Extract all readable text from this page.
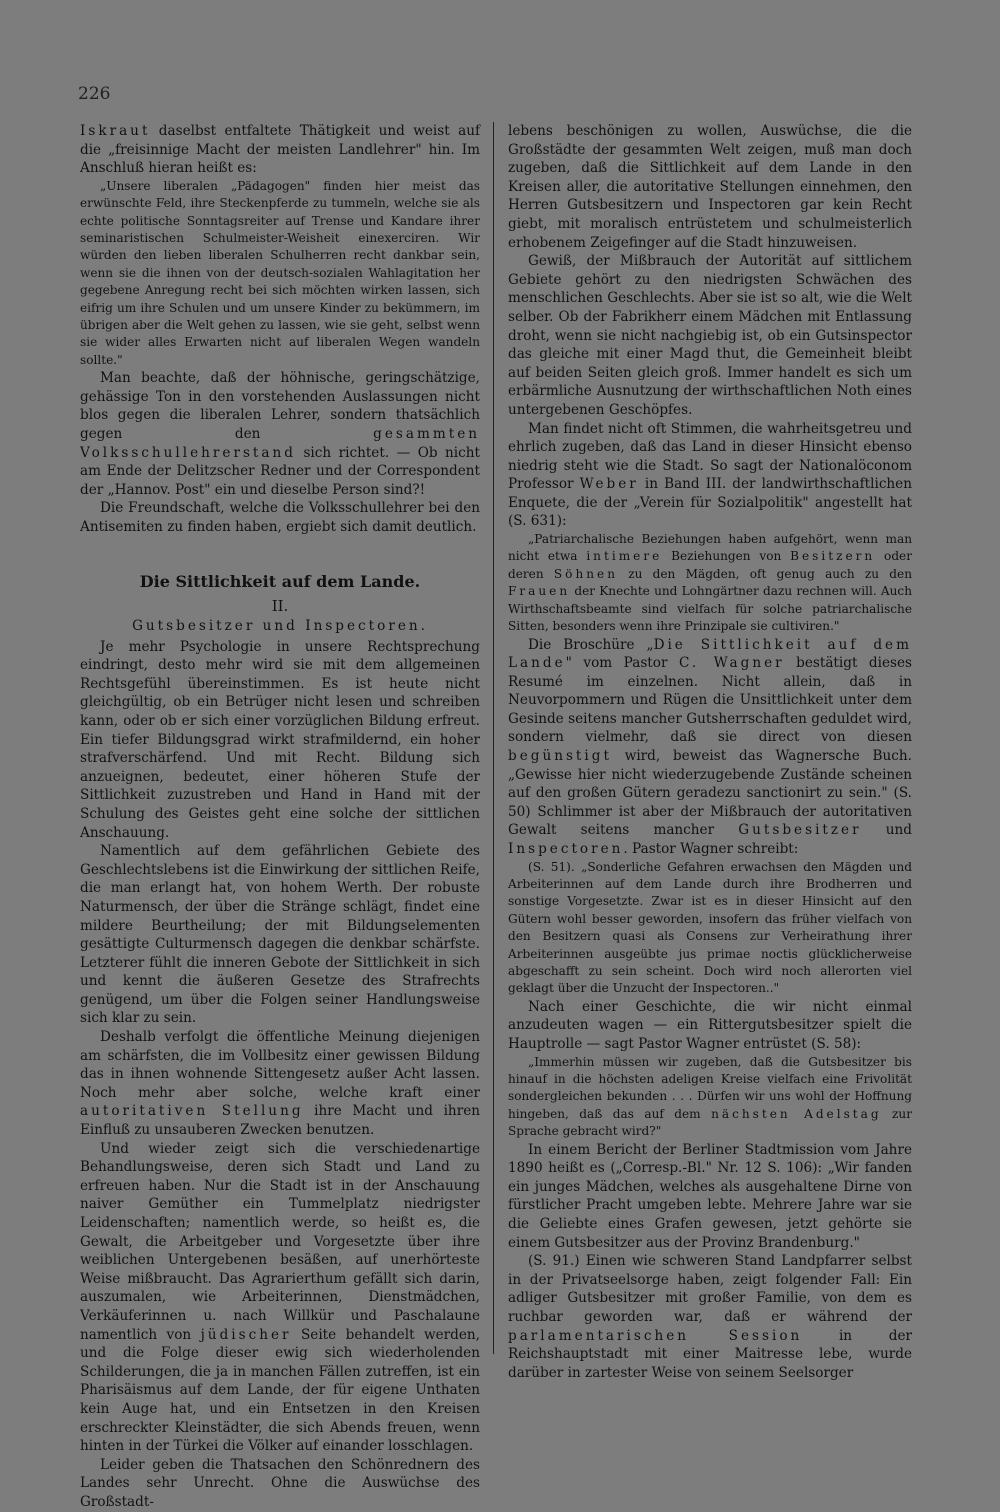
226

Iskraut daselbst entfaltete Thätigkeit und weist auf die „freisinnige Macht der meisten Landlehrer" hin. Im Anschluß hieran heißt es:

„Unsere liberalen „Pädagogen" finden hier meist das erwünschte Feld, ihre Steckenpferde zu tummeln, welche sie als echte politische Sonntagsreiter auf Trense und Kandare ihrer seminaristischen Schulmeister-Weisheit einexerciren. Wir würden den lieben liberalen Schulherren recht dankbar sein, wenn sie die ihnen von der deutsch-sozialen Wahlagitation her gegebene Anregung recht bei sich möchten wirken lassen, sich eifrig um ihre Schulen und um unsere Kinder zu bekümmern, im übrigen aber die Welt gehen zu lassen, wie sie geht, selbst wenn sie wider alles Erwarten nicht auf liberalen Wegen wandeln sollte."

Man beachte, daß der höhnische, geringschätzige, gehässige Ton in den vorstehenden Auslassungen nicht blos gegen die liberalen Lehrer, sondern thatsächlich gegen den gesammten Volksschullehrerstand sich richtet. — Ob nicht am Ende der Delitzscher Redner und der Correspondent der „Hannov. Post" ein und dieselbe Person sind?!

Die Freundschaft, welche die Volksschullehrer bei den Antisemiten zu finden haben, ergiebt sich damit deutlich.

Die Sittlichkeit auf dem Lande.
II.
Gutsbesitzer und Inspectoren.

Je mehr Psychologie in unsere Rechtsprechung eindringt, desto mehr wird sie mit dem allgemeinen Rechtsgefühl übereinstimmen. Es ist heute nicht gleichgültig, ob ein Betrüger nicht lesen und schreiben kann, oder ob er sich einer vorzüglichen Bildung erfreut. Ein tiefer Bildungsgrad wirkt strafmildernd, ein hoher strafverschärfend. Und mit Recht. Bildung sich anzueignen, bedeutet, einer höheren Stufe der Sittlichkeit zuzustreben und Hand in Hand mit der Schulung des Geistes geht eine solche der sittlichen Anschauung.

Namentlich auf dem gefährlichen Gebiete des Geschlechtslebens ist die Einwirkung der sittlichen Reife, die man erlangt hat, von hohem Werth. Der robuste Naturmensch, der über die Stränge schlägt, findet eine mildere Beurtheilung; der mit Bildungselementen gesättigte Culturmensch dagegen die denkbar schärfste. Letzterer fühlt die inneren Gebote der Sittlichkeit in sich und kennt die äußeren Gesetze des Strafrechts genügend, um über die Folgen seiner Handlungsweise sich klar zu sein.

Deshalb verfolgt die öffentliche Meinung diejenigen am schärfsten, die im Vollbesitz einer gewissen Bildung das in ihnen wohnende Sittengesetz außer Acht lassen. Noch mehr aber solche, welche kraft einer autoritativen Stellung ihre Macht und ihren Einfluß zu unsauberen Zwecken benutzen.

Und wieder zeigt sich die verschiedenartige Behandlungsweise, deren sich Stadt und Land zu erfreuen haben. Nur die Stadt ist in der Anschauung naiver Gemüther ein Tummelplatz niedrigster Leidenschaften; namentlich werde, so heißt es, die Gewalt, die Arbeitgeber und Vorgesetzte über ihre weiblichen Untergebenen besäßen, auf unerhörteste Weise mißbraucht. Das Agrarierthum gefällt sich darin, auszumalen, wie Arbeiterinnen, Dienstmädchen, Verkäuferinnen u. nach Willkür und Paschalaune namentlich von jüdischer Seite behandelt werden, und die Folge dieser ewig sich wiederholenden Schilderungen, die ja in manchen Fällen zutreffen, ist ein Pharisäismus auf dem Lande, der für eigene Unthaten kein Auge hat, und ein Entsetzen in den Kreisen erschreckter Kleinstädter, die sich Abends freuen, wenn hinten in der Türkei die Völker auf einander losschlagen.

Leider geben die Thatsachen den Schönrednern des Landes sehr Unrecht. Ohne die Auswüchse des Großstadt-

lebens beschönigen zu wollen, Auswüchse, die die Großstädte der gesammten Welt zeigen, muß man doch zugeben, daß die Sittlichkeit auf dem Lande in den Kreisen aller, die autoritative Stellungen einnehmen, den Herren Gutsbesitzern und Inspectoren gar kein Recht giebt, mit moralisch entrüstetem und schulmeisterlich erhobenem Zeigefinger auf die Stadt hinzuweisen.

Gewiß, der Mißbrauch der Autorität auf sittlichem Gebiete gehört zu den niedrigsten Schwächen des menschlichen Geschlechts. Aber sie ist so alt, wie die Welt selber. Ob der Fabrikherr einem Mädchen mit Entlassung droht, wenn sie nicht nachgiebig ist, ob ein Gutsinspector das gleiche mit einer Magd thut, die Gemeinheit bleibt auf beiden Seiten gleich groß. Immer handelt es sich um erbärmliche Ausnutzung der wirthschaftlichen Noth eines untergebenen Geschöpfes.

Man findet nicht oft Stimmen, die wahrheitsgetreu und ehrlich zugeben, daß das Land in dieser Hinsicht ebenso niedrig steht wie die Stadt. So sagt der Nationalöconom Professor Weber in Band III. der landwirthschaftlichen Enquete, die der „Verein für Sozialpolitik" angestellt hat (S. 631):

„Patriarchalische Beziehungen haben aufgehört, wenn man nicht etwa intimere Beziehungen von Besitzern oder deren Söhnen zu den Mägden, oft genug auch zu den Frauen der Knechte und Lohngärtner dazu rechnen will. Auch Wirthschaftsbeamte sind vielfach für solche patriarchalische Sitten, besonders wenn ihre Prinzipale sie cultiviren."

Die Broschüre „Die Sittlichkeit auf dem Lande" vom Pastor C. Wagner bestätigt dieses Resumé im einzelnen. Nicht allein, daß in Neuvorpommern und Rügen die Unsittlichkeit unter dem Gesinde seitens mancher Gutsherrschaften geduldet wird, sondern vielmehr, daß sie direct von diesen begünstigt wird, beweist das Wagnersche Buch. „Gewisse hier nicht wiederzugebende Zustände scheinen auf den großen Gütern geradezu sanctionirt zu sein." (S. 50) Schlimmer ist aber der Mißbrauch der autoritativen Gewalt seitens mancher Gutsbesitzer und Inspectoren. Pastor Wagner schreibt:

(S. 51). „Sonderliche Gefahren erwachsen den Mägden und Arbeiterinnen auf dem Lande durch ihre Brodherren und sonstige Vorgesetzte. Zwar ist es in dieser Hinsicht auf den Gütern wohl besser geworden, insofern das früher vielfach von den Besitzern quasi als Consens zur Verheirathung ihrer Arbeiterinnen ausgeübte jus primae noctis glücklicherweise abgeschafft zu sein scheint. Doch wird noch allerorten viel geklagt über die Unzucht der Inspectoren.."

Nach einer Geschichte, die wir nicht einmal anzudeuten wagen — ein Rittergutsbesitzer spielt die Hauptrolle — sagt Pastor Wagner entrüstet (S. 58):

„Immerhin müssen wir zugeben, daß die Gutsbesitzer bis hinauf in die höchsten adeligen Kreise vielfach eine Frivolität sondergleichen bekunden . . . Dürfen wir uns wohl der Hoffnung hingeben, daß das auf dem nächsten Adelstag zur Sprache gebracht wird?"

In einem Bericht der Berliner Stadtmission vom Jahre 1890 heißt es („Corresp.-Bl." Nr. 12 S. 106): „Wir fanden ein junges Mädchen, welches als ausgehaltene Dirne von fürstlicher Pracht umgeben lebte. Mehrere Jahre war sie die Geliebte eines Grafen gewesen, jetzt gehörte sie einem Gutsbesitzer aus der Provinz Brandenburg."

(S. 91.) Einen wie schweren Stand Landpfarrer selbst in der Privatseelsorge haben, zeigt folgender Fall: Ein adliger Gutsbesitzer mit großer Familie, von dem es ruchbar geworden war, daß er während der parlamentarischen Session in der Reichshauptstadt mit einer Maitresse lebe, wurde darüber in zartester Weise von seinem Seelsorger
